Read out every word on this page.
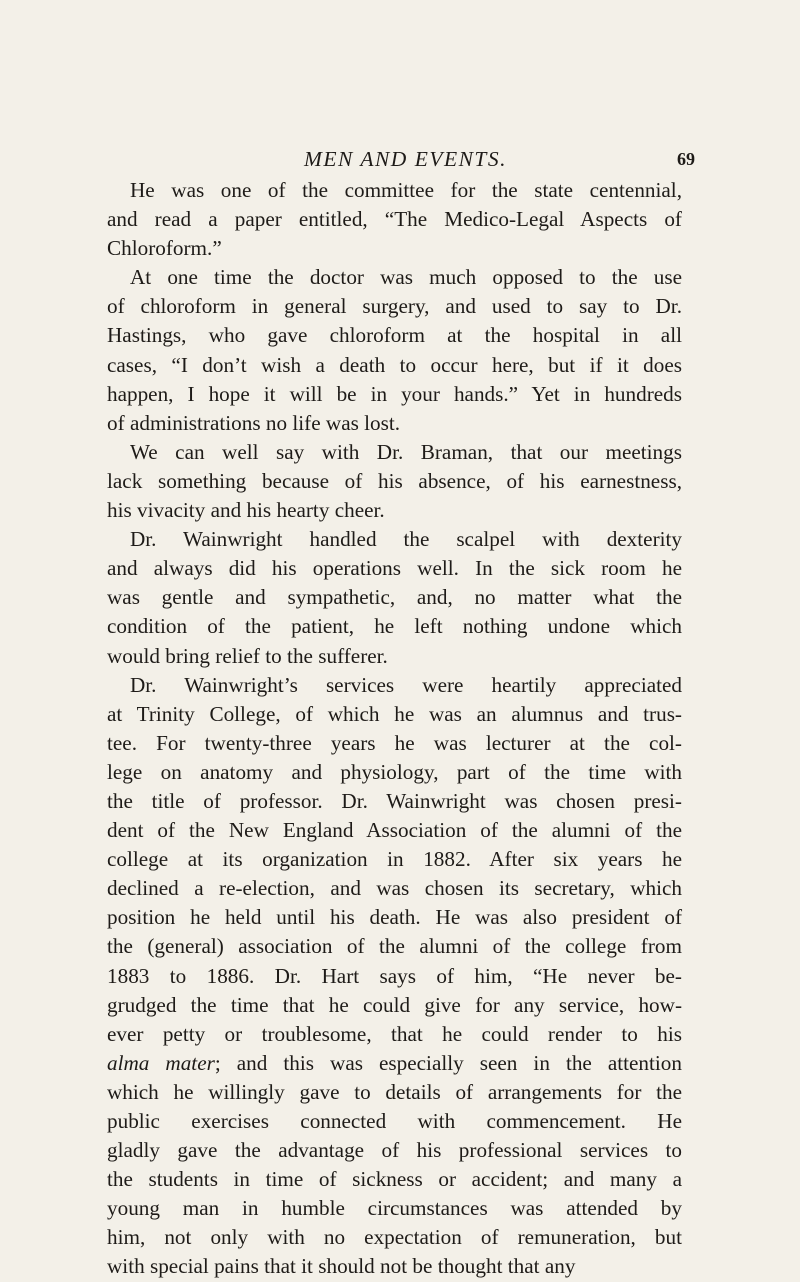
MEN AND EVENTS.	69

He was one of the committee for the state centennial,
and read a paper entitled, “The Medico-Legal Aspects of
Chloroform.”

At one time the doctor was much opposed to the use
of chloroform in general surgery, and used to say to Dr.
Hastings, who gave chloroform at the hospital in all
cases, “I don’t wish a death to occur here, but if it does
happen, I hope it will be in your hands.” Yet in hundreds
of administrations no life was lost.

We can well say with Dr. Braman, that our meetings
lack something because of his absence, of his earnestness,
his vivacity and his hearty cheer.

Dr. Wainwright handled the scalpel with dexterity
and always did his operations well. In the sick room he
was gentle and sympathetic, and, no matter what the
condition of the patient, he left nothing undone which
would bring relief to the sufferer.

Dr. Wainwright’s services were heartily appreciated
at Trinity College, of which he was an alumnus and trus-
tee. For twenty-three years he was lecturer at the col-
lege on anatomy and physiology, part of the time with
the title of professor. Dr. Wainwright was chosen presi-
dent of the New England Association of the alumni of the
college at its organization in 1882. After six years he
declined a re-election, and was chosen its secretary, which
position he held until his death. He was also president of
the (general) association of the alumni of the college from
1883 to 1886. Dr. Hart says of him, “He never be-
grudged the time that he could give for any service, how-
ever petty or troublesome, that he could render to his
alma mater; and this was especially seen in the attention
which he willingly gave to details of arrangements for the
public exercises connected with commencement. He
gladly gave the advantage of his professional services to
the students in time of sickness or accident; and many a
young man in humble circumstances was attended by
him, not only with no expectation of remuneration, but
with special pains that it should not be thought that any
